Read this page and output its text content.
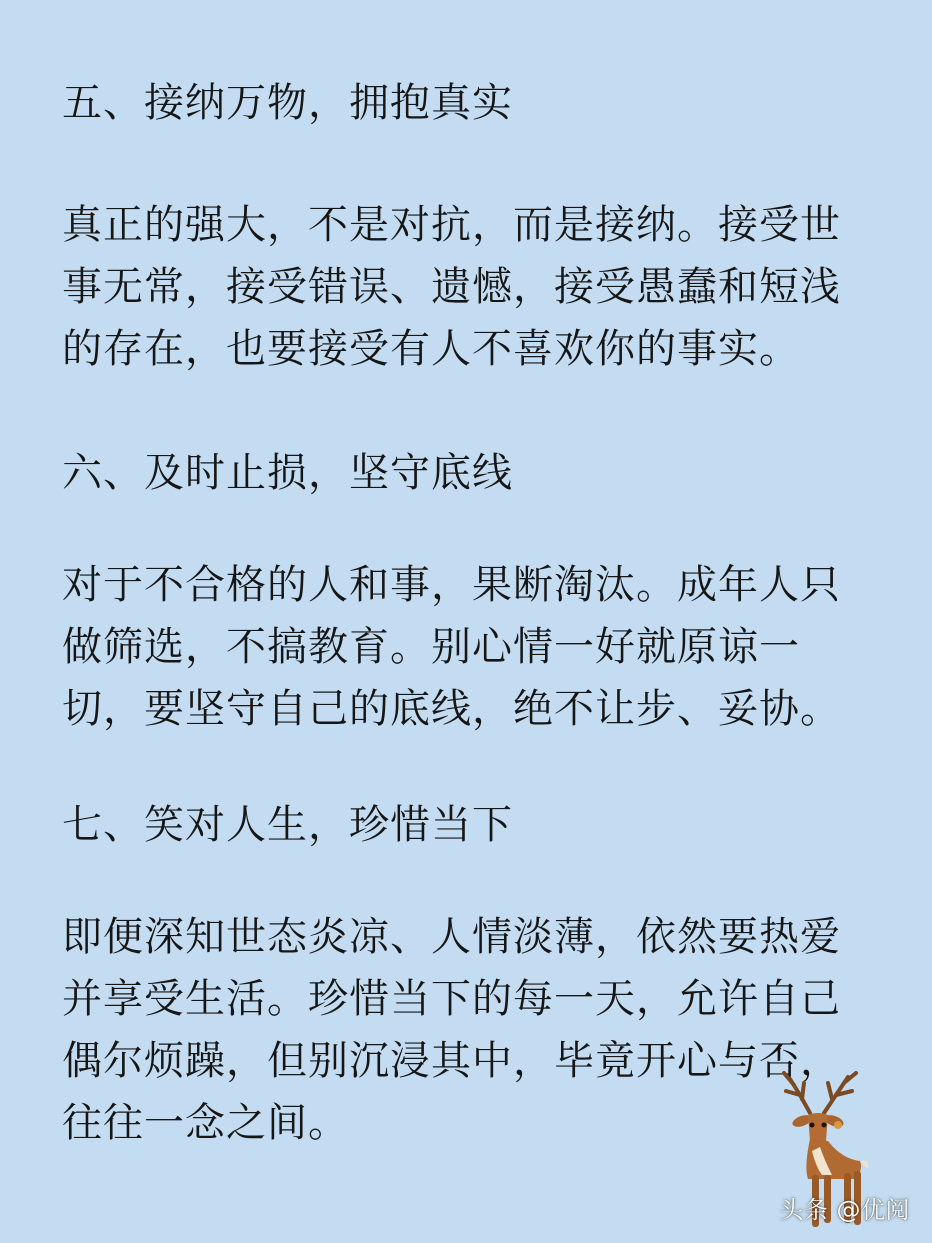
五、接纳万物，拥抱真实

真正的强大，不是对抗，而是接纳。接受世
事无常，接受错误、遗憾，接受愚蠢和短浅
的存在，也要接受有人不喜欢你的事实。

六、及时止损，坚守底线

对于不合格的人和事，果断淘汰。成年人只
做筛选，不搞教育。别心情一好就原谅一
切，要坚守自己的底线，绝不让步、妥协。

七、笑对人生，珍惜当下

即便深知世态炎凉、人情淡薄，依然要热爱
并享受生活。珍惜当下的每一天，允许自己
偶尔烦躁，但别沉浸其中，毕竟开心与否，
往往一念之间。

头条 @优阅
